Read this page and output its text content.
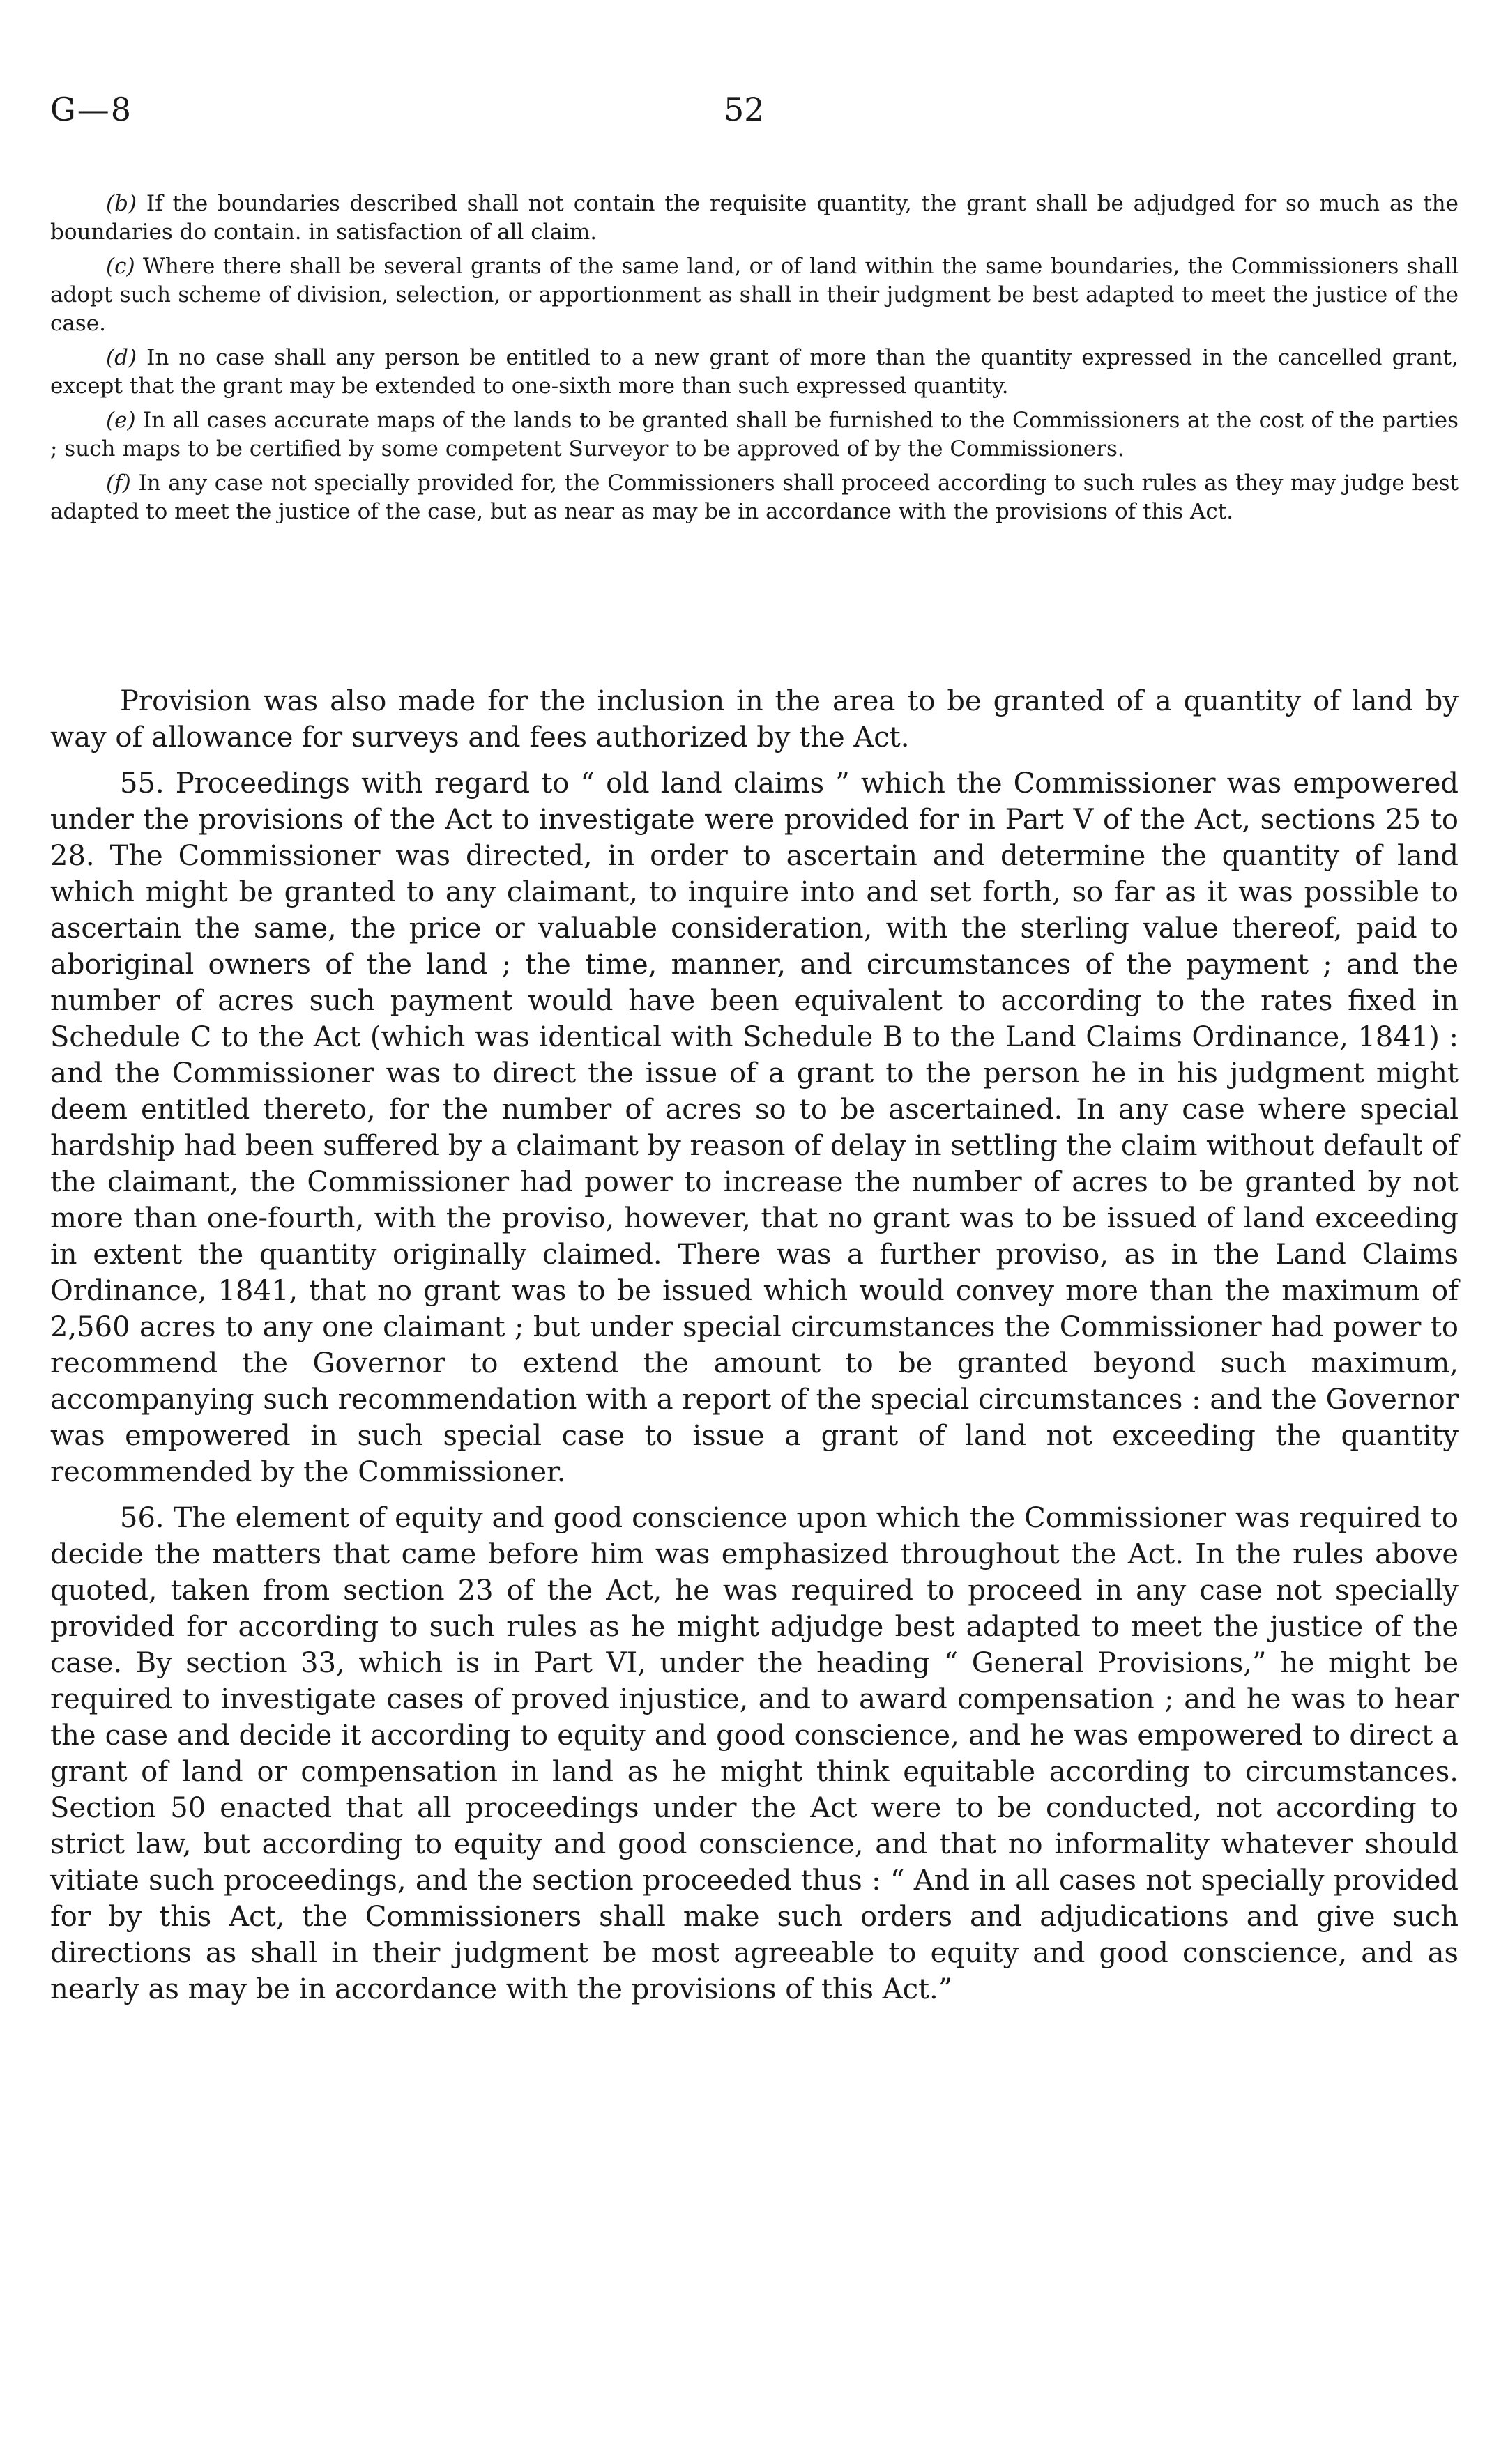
G—8	52

(b) If the boundaries described shall not contain the requisite quantity, the grant shall be adjudged for so much as the boundaries do contain. in satisfaction of all claim.

(c) Where there shall be several grants of the same land, or of land within the same boundaries, the Commissioners shall adopt such scheme of division, selection, or apportionment as shall in their judgment be best adapted to meet the justice of the case.

(d) In no case shall any person be entitled to a new grant of more than the quantity expressed in the cancelled grant, except that the grant may be extended to one-sixth more than such expressed quantity.

(e) In all cases accurate maps of the lands to be granted shall be furnished to the Commissioners at the cost of the parties ; such maps to be certified by some competent Surveyor to be approved of by the Commissioners.

(f) In any case not specially provided for, the Commissioners shall proceed according to such rules as they may judge best adapted to meet the justice of the case, but as near as may be in accordance with the provisions of this Act.

Provision was also made for the inclusion in the area to be granted of a quantity of land by way of allowance for surveys and fees authorized by the Act.

55. Proceedings with regard to “ old land claims ” which the Commissioner was empowered under the provisions of the Act to investigate were provided for in Part V of the Act, sections 25 to 28. The Commissioner was directed, in order to ascertain and determine the quantity of land which might be granted to any claimant, to inquire into and set forth, so far as it was possible to ascertain the same, the price or valuable consideration, with the sterling value thereof, paid to aboriginal owners of the land ; the time, manner, and circumstances of the payment ; and the number of acres such payment would have been equivalent to according to the rates fixed in Schedule C to the Act (which was identical with Schedule B to the Land Claims Ordinance, 1841) : and the Commissioner was to direct the issue of a grant to the person he in his judgment might deem entitled thereto, for the number of acres so to be ascertained. In any case where special hardship had been suffered by a claimant by reason of delay in settling the claim without default of the claimant, the Commissioner had power to increase the number of acres to be granted by not more than one-fourth, with the proviso, however, that no grant was to be issued of land exceeding in extent the quantity originally claimed. There was a further proviso, as in the Land Claims Ordinance, 1841, that no grant was to be issued which would convey more than the maximum of 2,560 acres to any one claimant ; but under special circumstances the Commissioner had power to recommend the Governor to extend the amount to be granted beyond such maximum, accompanying such recommendation with a report of the special circumstances : and the Governor was empowered in such special case to issue a grant of land not exceeding the quantity recommended by the Commissioner.

56. The element of equity and good conscience upon which the Commissioner was required to decide the matters that came before him was emphasized throughout the Act. In the rules above quoted, taken from section 23 of the Act, he was required to proceed in any case not specially provided for according to such rules as he might adjudge best adapted to meet the justice of the case. By section 33, which is in Part VI, under the heading “ General Provisions,” he might be required to investigate cases of proved injustice, and to award compensation ; and he was to hear the case and decide it according to equity and good conscience, and he was empowered to direct a grant of land or compensation in land as he might think equitable according to circumstances. Section 50 enacted that all proceedings under the Act were to be conducted, not according to strict law, but according to equity and good conscience, and that no informality whatever should vitiate such proceedings, and the section proceeded thus : “ And in all cases not specially provided for by this Act, the Commissioners shall make such orders and adjudications and give such directions as shall in their judgment be most agreeable to equity and good conscience, and as nearly as may be in accordance with the provisions of this Act.”
